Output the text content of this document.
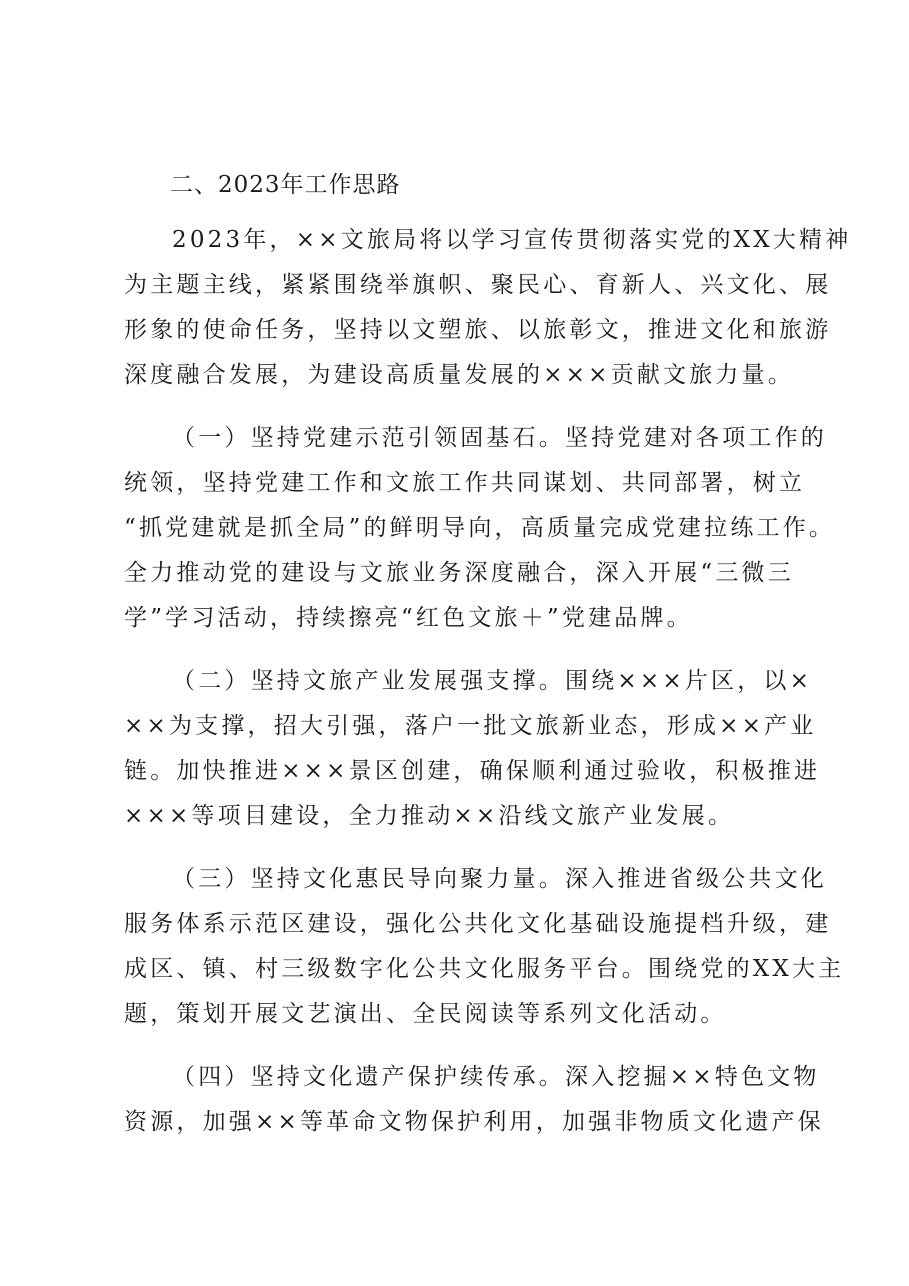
二、2023年工作思路
2023年，××文旅局将以学习宣传贯彻落实党的XX大精神
为主题主线，紧紧围绕举旗帜、聚民心、育新人、兴文化、展
形象的使命任务，坚持以文塑旅、以旅彰文，推进文化和旅游
深度融合发展，为建设高质量发展的×××贡献文旅力量。
（一）坚持党建示范引领固基石。坚持党建对各项工作的
统领，坚持党建工作和文旅工作共同谋划、共同部署，树立
“抓党建就是抓全局”的鲜明导向，高质量完成党建拉练工作。
全力推动党的建设与文旅业务深度融合，深入开展“三微三
学”学习活动，持续擦亮“红色文旅＋”党建品牌。
（二）坚持文旅产业发展强支撑。围绕×××片区，以×
××为支撑，招大引强，落户一批文旅新业态，形成××产业
链。加快推进×××景区创建，确保顺利通过验收，积极推进
×××等项目建设，全力推动××沿线文旅产业发展。
（三）坚持文化惠民导向聚力量。深入推进省级公共文化
服务体系示范区建设，强化公共化文化基础设施提档升级，建
成区、镇、村三级数字化公共文化服务平台。围绕党的XX大主
题，策划开展文艺演出、全民阅读等系列文化活动。
（四）坚持文化遗产保护续传承。深入挖掘××特色文物
资源，加强××等革命文物保护利用，加强非物质文化遗产保
